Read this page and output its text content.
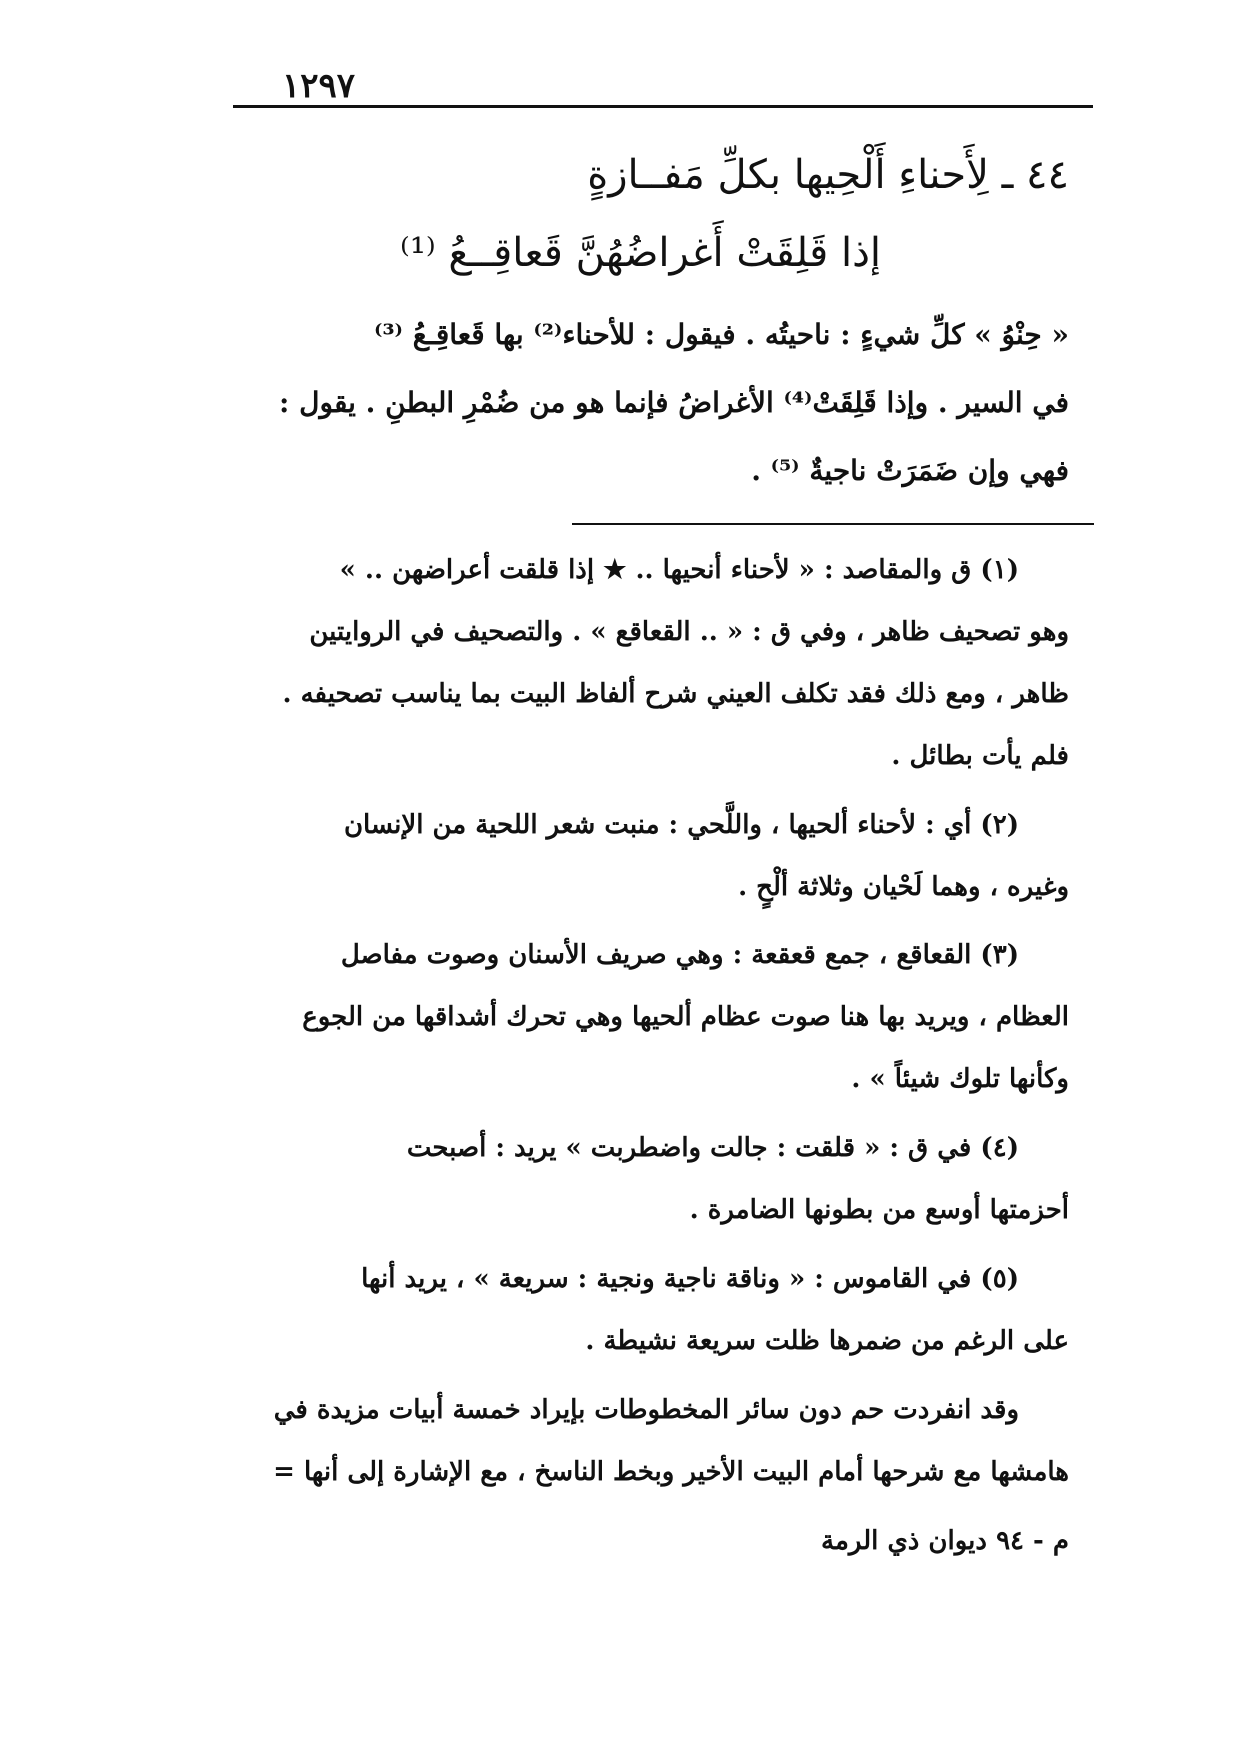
١٢٩٧
٤٤ ـ لِأَحناءِ أَلْحِيها بكلِّ مَفــازةٍ
إذا قَلِقَتْ أَغراضُهُنَّ قَعاقِــعُ ⁽¹⁾
« حِنْوُ » كلِّ شيءٍ : ناحيتُه . فيقول : للأحناء⁽²⁾ بها قَعاقِـعُ ⁽³⁾
في السير . وإذا قَلِقَتْ⁽⁴⁾ الأغراضُ فإنما هو من ضُمْرِ البطنِ . يقول :
فهي وإن ضَمَرَتْ ناجيةٌ ⁽⁵⁾ .
(١) ق والمقاصد : « لأحناء أنحيها .. ★ إذا قلقت أعراضهن .. »
وهو تصحيف ظاهر ، وفي ق : « .. القعاقع » . والتصحيف في الروايتين
ظاهر ، ومع ذلك فقد تكلف العيني شرح ألفاظ البيت بما يناسب تصحيفه .
فلم يأت بطائل .
(٢) أي : لأحناء ألحيها ، واللَّحي : منبت شعر اللحية من الإنسان
وغيره ، وهما لَحْيان وثلاثة ألْحٍ .
(٣) القعاقع ، جمع قعقعة : وهي صريف الأسنان وصوت مفاصل
العظام ، ويريد بها هنا صوت عظام ألحيها وهي تحرك أشداقها من الجوع
وكأنها تلوك شيئاً » .
(٤) في ق : « قلقت : جالت واضطربت » يريد : أصبحت
أحزمتها أوسع من بطونها الضامرة .
(٥) في القاموس : « وناقة ناجية ونجية : سريعة » ، يريد أنها
على الرغم من ضمرها ظلت سريعة نشيطة .
وقد انفردت حم دون سائر المخطوطات بإيراد خمسة أبيات مزيدة في
هامشها مع شرحها أمام البيت الأخير وبخط الناسخ ، مع الإشارة إلى أنها =
م - ٩٤ ديوان ذي الرمة
